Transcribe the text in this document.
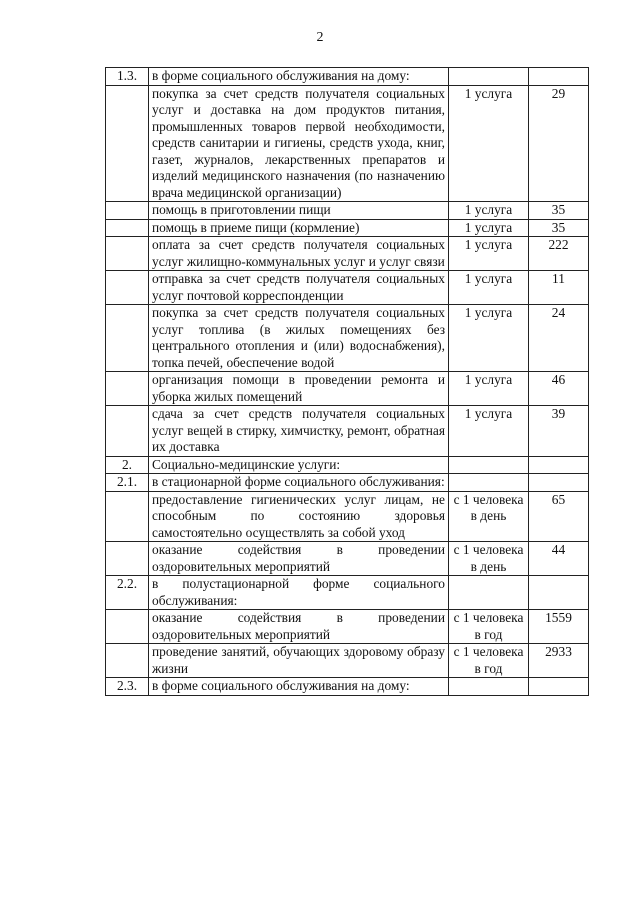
2
1.3.	в форме социального обслуживания на дому:		
	покупка за счет средств получателя социальных услуг и доставка на дом продуктов питания, промышленных товаров первой необходимости, средств санитарии и гигиены, средств ухода, книг, газет, журналов, лекарственных препаратов и изделий медицинского назначения (по назначению врача медицинской организации)	1 услуга	29
	помощь в приготовлении пищи	1 услуга	35
	помощь в приеме пищи (кормление)	1 услуга	35
	оплата за счет средств получателя социальных услуг жилищно-коммунальных услуг и услуг связи	1 услуга	222
	отправка за счет средств получателя социальных услуг почтовой корреспонденции	1 услуга	11
	покупка за счет средств получателя социальных услуг топлива (в жилых помещениях без центрального отопления и (или) водоснабжения), топка печей, обеспечение водой	1 услуга	24
	организация помощи в проведении ремонта и уборка жилых помещений	1 услуга	46
	сдача за счет средств получателя социальных услуг вещей в стирку, химчистку, ремонт, обратная их доставка	1 услуга	39
2.	Социально-медицинские услуги:		
2.1.	в стационарной форме социального обслуживания:		
	предоставление гигиенических услуг лицам, не способным по состоянию здоровья самостоятельно осуществлять за собой уход	с 1 человека в день	65
	оказание содействия в проведении оздоровительных мероприятий	с 1 человека в день	44
2.2.	в полустационарной форме социального обслуживания:		
	оказание содействия в проведении оздоровительных мероприятий	с 1 человека в год	1559
	проведение занятий, обучающих здоровому образу жизни	с 1 человека в год	2933
2.3.	в форме социального обслуживания на дому:		
